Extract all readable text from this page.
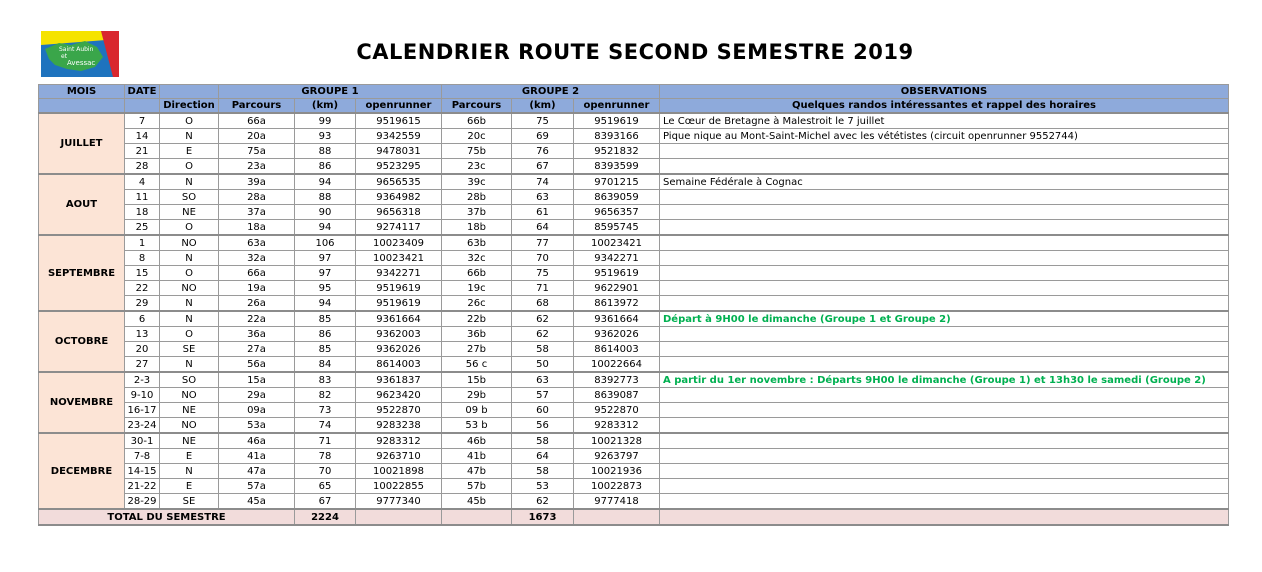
Saint Aubin
et
Avessac	CALENDRIER ROUTE SECOND SEMESTRE 2019
MOIS	DATE		GROUPE 1			GROUPE 2			OBSERVATIONS
		Direction	Parcours	(km)	openrunner	Parcours	(km)	openrunner	Quelques randos intéressantes et rappel des horaires
JUILLET	7	O	66a	99	9519615	66b	75	9519619	Le Cœur de Bretagne à Malestroit le 7 juillet
	14	N	20a	93	9342559	20c	69	8393166	Pique nique au Mont-Saint-Michel avec les vététistes (circuit openrunner 9552744)
	21	E	75a	88	9478031	75b	76	9521832	
	28	O	23a	86	9523295	23c	67	8393599	
AOUT	4	N	39a	94	9656535	39c	74	9701215	Semaine Fédérale à Cognac
	11	SO	28a	88	9364982	28b	63	8639059	
	18	NE	37a	90	9656318	37b	61	9656357	
	25	O	18a	94	9274117	18b	64	8595745	
SEPTEMBRE	1	NO	63a	106	10023409	63b	77	10023421	
	8	N	32a	97	10023421	32c	70	9342271	
	15	O	66a	97	9342271	66b	75	9519619	
	22	NO	19a	95	9519619	19c	71	9622901	
	29	N	26a	94	9519619	26c	68	8613972	
OCTOBRE	6	N	22a	85	9361664	22b	62	9361664	Départ à 9H00 le dimanche (Groupe 1 et Groupe 2)
	13	O	36a	86	9362003	36b	62	9362026	
	20	SE	27a	85	9362026	27b	58	8614003	
	27	N	56a	84	8614003	56 c	50	10022664	
NOVEMBRE	2-3	SO	15a	83	9361837	15b	63	8392773	A partir du 1er novembre : Départs 9H00 le dimanche (Groupe 1) et 13h30 le samedi (Groupe 2)
	9-10	NO	29a	82	9623420	29b	57	8639087	
	16-17	NE	09a	73	9522870	09 b	60	9522870	
	23-24	NO	53a	74	9283238	53 b	56	9283312	
DECEMBRE	30-1	NE	46a	71	9283312	46b	58	10021328	
	7-8	E	41a	78	9263710	41b	64	9263797	
	14-15	N	47a	70	10021898	47b	58	10021936	
	21-22	E	57a	65	10022855	57b	53	10022873	
	28-29	SE	45a	67	9777340	45b	62	9777418	
TOTAL DU SEMESTRE				2224			1673		
